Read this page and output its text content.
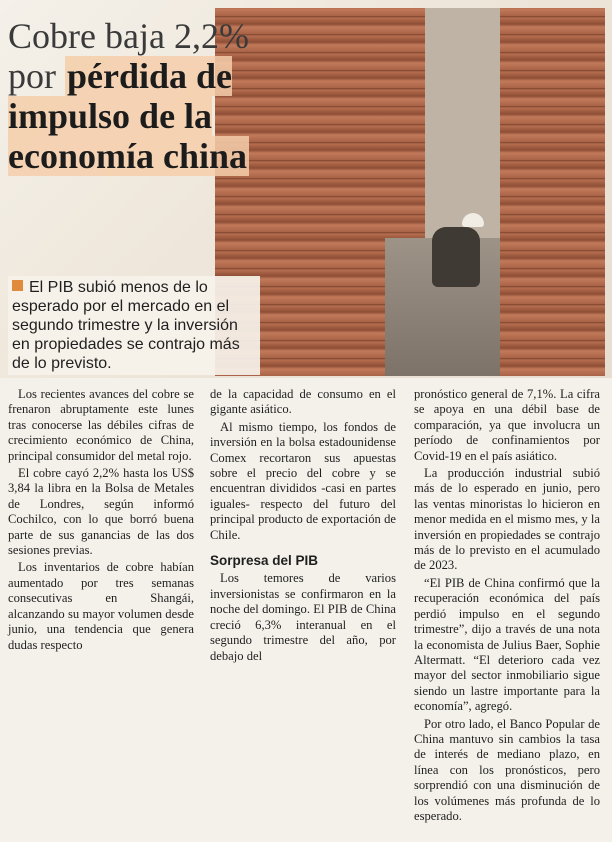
Cobre baja 2,2% por pérdida de impulso de la economía china

El PIB subió menos de lo esperado por el mercado en el segundo trimestre y la inversión en propiedades se contrajo más de lo previsto.

Los recientes avances del cobre se frenaron abruptamente este lunes tras conocerse las débiles cifras de crecimiento económico de China, principal consumidor del metal rojo.

El cobre cayó 2,2% hasta los US$ 3,84 la libra en la Bolsa de Metales de Londres, según informó Cochilco, con lo que borró buena parte de sus ganancias de las dos sesiones previas.

Los inventarios de cobre habían aumentado por tres semanas consecutivas en Shangái, alcanzando su mayor volumen desde junio, una tendencia que genera dudas respecto

de la capacidad de consumo en el gigante asiático.

Al mismo tiempo, los fondos de inversión en la bolsa estadounidense Comex recortaron sus apuestas sobre el precio del cobre y se encuentran divididos -casi en partes iguales- respecto del futuro del principal producto de exportación de Chile.

Sorpresa del PIB

Los temores de varios inversionistas se confirmaron en la noche del domingo. El PIB de China creció 6,3% interanual en el segundo trimestre del año, por debajo del

pronóstico general de 7,1%. La cifra se apoya en una débil base de comparación, ya que involucra un período de confinamientos por Covid-19 en el país asiático.

La producción industrial subió más de lo esperado en junio, pero las ventas minoristas lo hicieron en menor medida en el mismo mes, y la inversión en propiedades se contrajo más de lo previsto en el acumulado de 2023.

“El PIB de China confirmó que la recuperación económica del país perdió impulso en el segundo trimestre”, dijo a través de una nota la economista de Julius Baer, Sophie Altermatt. “El deterioro cada vez mayor del sector inmobiliario sigue siendo un lastre importante para la economía”, agregó.

Por otro lado, el Banco Popular de China mantuvo sin cambios la tasa de interés de mediano plazo, en línea con los pronósticos, pero sorprendió con una disminución de los volúmenes más profunda de lo esperado.
